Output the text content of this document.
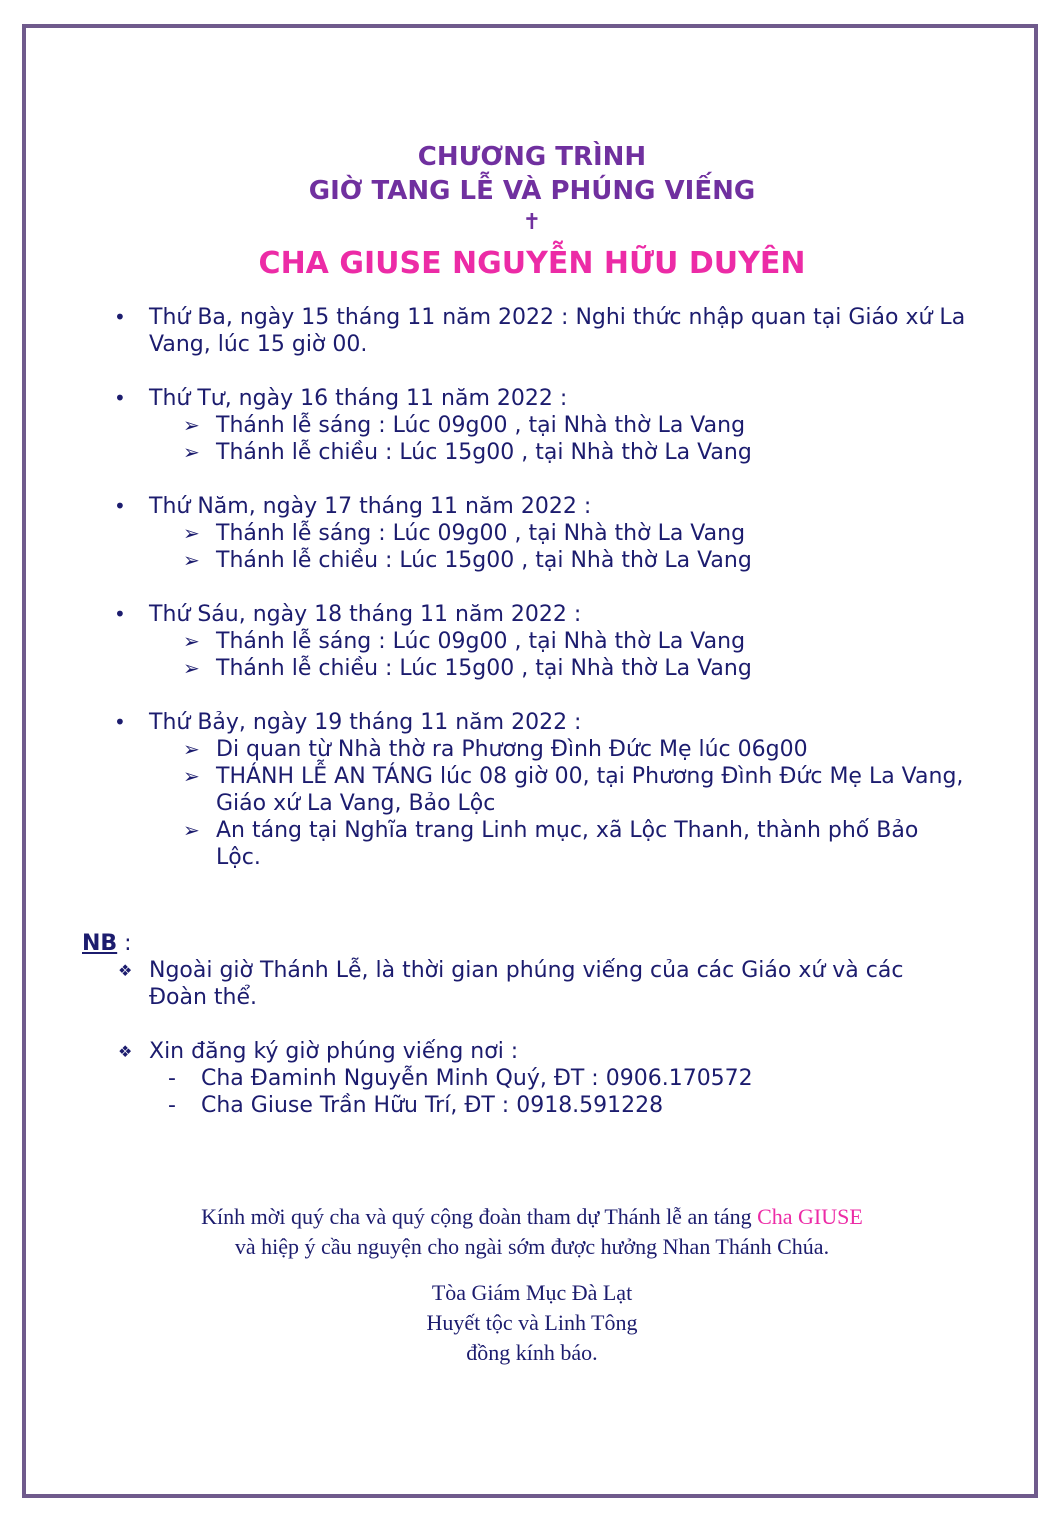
CHƯƠNG TRÌNH
GIỜ TANG LỄ VÀ PHÚNG VIẾNG
✝
CHA GIUSE NGUYỄN HỮU DUYÊN
• Thứ Ba, ngày 15 tháng 11 năm 2022 : Nghi thức nhập quan tại Giáo xứ La Vang, lúc 15 giờ 00.
• Thứ Tư, ngày 16 tháng 11 năm 2022 :
➢ Thánh lễ sáng : Lúc 09g00 , tại Nhà thờ La Vang
➢ Thánh lễ chiều : Lúc 15g00 , tại Nhà thờ La Vang
• Thứ Năm, ngày 17 tháng 11 năm 2022 :
➢ Thánh lễ sáng : Lúc 09g00 , tại Nhà thờ La Vang
➢ Thánh lễ chiều : Lúc 15g00 , tại Nhà thờ La Vang
• Thứ Sáu, ngày 18 tháng 11 năm 2022 :
➢ Thánh lễ sáng : Lúc 09g00 , tại Nhà thờ La Vang
➢ Thánh lễ chiều : Lúc 15g00 , tại Nhà thờ La Vang
• Thứ Bảy, ngày 19 tháng 11 năm 2022 :
➢ Di quan từ Nhà thờ ra Phương Đình Đức Mẹ lúc 06g00
➢ THÁNH LỄ AN TÁNG lúc 08 giờ 00, tại Phương Đình Đức Mẹ La Vang, Giáo xứ La Vang, Bảo Lộc
➢ An táng tại Nghĩa trang Linh mục, xã Lộc Thanh, thành phố Bảo Lộc.
NB :
❖ Ngoài giờ Thánh Lễ, là thời gian phúng viếng của các Giáo xứ và các Đoàn thể.
❖ Xin đăng ký giờ phúng viếng nơi :
- Cha Đaminh Nguyễn Minh Quý, ĐT : 0906.170572
- Cha Giuse Trần Hữu Trí, ĐT : 0918.591228
Kính mời quý cha và quý cộng đoàn tham dự Thánh lễ an táng Cha GIUSE
và hiệp ý cầu nguyện cho ngài sớm được hưởng Nhan Thánh Chúa.
Tòa Giám Mục Đà Lạt
Huyết tộc và Linh Tông
đồng kính báo.
